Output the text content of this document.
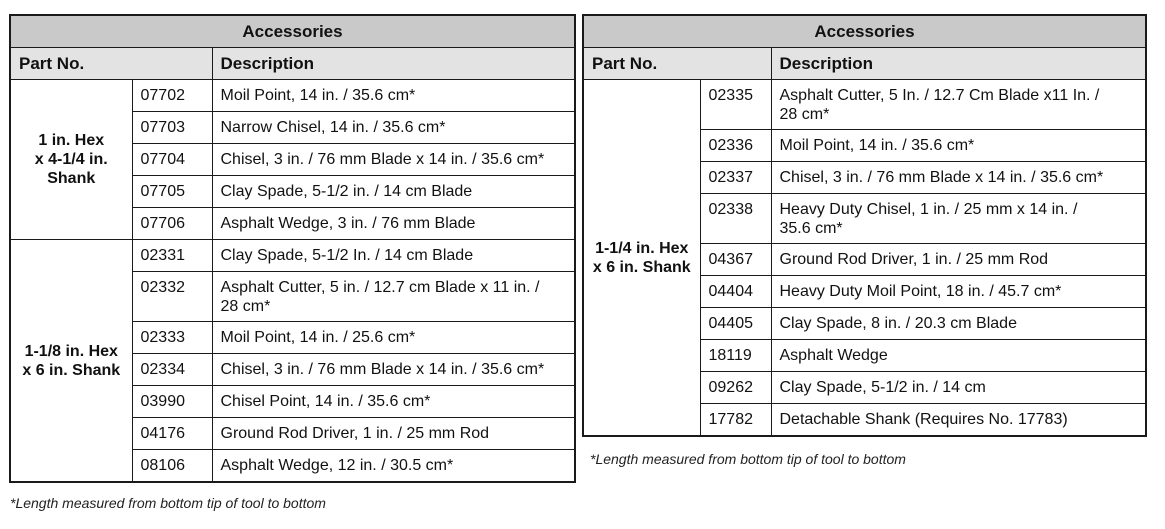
Accessories		
Part No.		Description
1 in. Hex
x 4-1/4 in.
Shank	07702	Moil Point, 14 in. / 35.6 cm*
	07703	Narrow Chisel, 14 in. / 35.6 cm*
	07704	Chisel, 3 in. / 76 mm Blade x 14 in. / 35.6 cm*
	07705	Clay Spade, 5-1/2 in. / 14 cm Blade
	07706	Asphalt Wedge, 3 in. / 76 mm Blade
1-1/8 in. Hex
x 6 in. Shank	02331	Clay Spade, 5-1/2 In. / 14 cm Blade
	02332	Asphalt Cutter, 5 in. / 12.7 cm Blade x 11 in. /
28 cm*
	02333	Moil Point, 14 in. / 25.6 cm*
	02334	Chisel, 3 in. / 76 mm Blade x 14 in. / 35.6 cm*
	03990	Chisel Point, 14 in. / 35.6 cm*
	04176	Ground Rod Driver, 1 in. / 25 mm Rod
	08106	Asphalt Wedge, 12 in. / 30.5 cm*
*Length measured from bottom tip of tool to bottom
Accessories		
Part No.		Description
1-1/4 in. Hex
x 6 in. Shank	02335	Asphalt Cutter, 5 In. / 12.7 Cm Blade x11 In. /
28 cm*
	02336	Moil Point, 14 in. / 35.6 cm*
	02337	Chisel, 3 in. / 76 mm Blade x 14 in. / 35.6 cm*
	02338	Heavy Duty Chisel, 1 in. / 25 mm x 14 in. /
35.6 cm*
	04367	Ground Rod Driver, 1 in. / 25 mm Rod
	04404	Heavy Duty Moil Point, 18 in. / 45.7 cm*
	04405	Clay Spade, 8 in. / 20.3 cm Blade
	18119	Asphalt Wedge
	09262	Clay Spade, 5-1/2 in. / 14 cm
	17782	Detachable Shank (Requires No. 17783)
*Length measured from bottom tip of tool to bottom
